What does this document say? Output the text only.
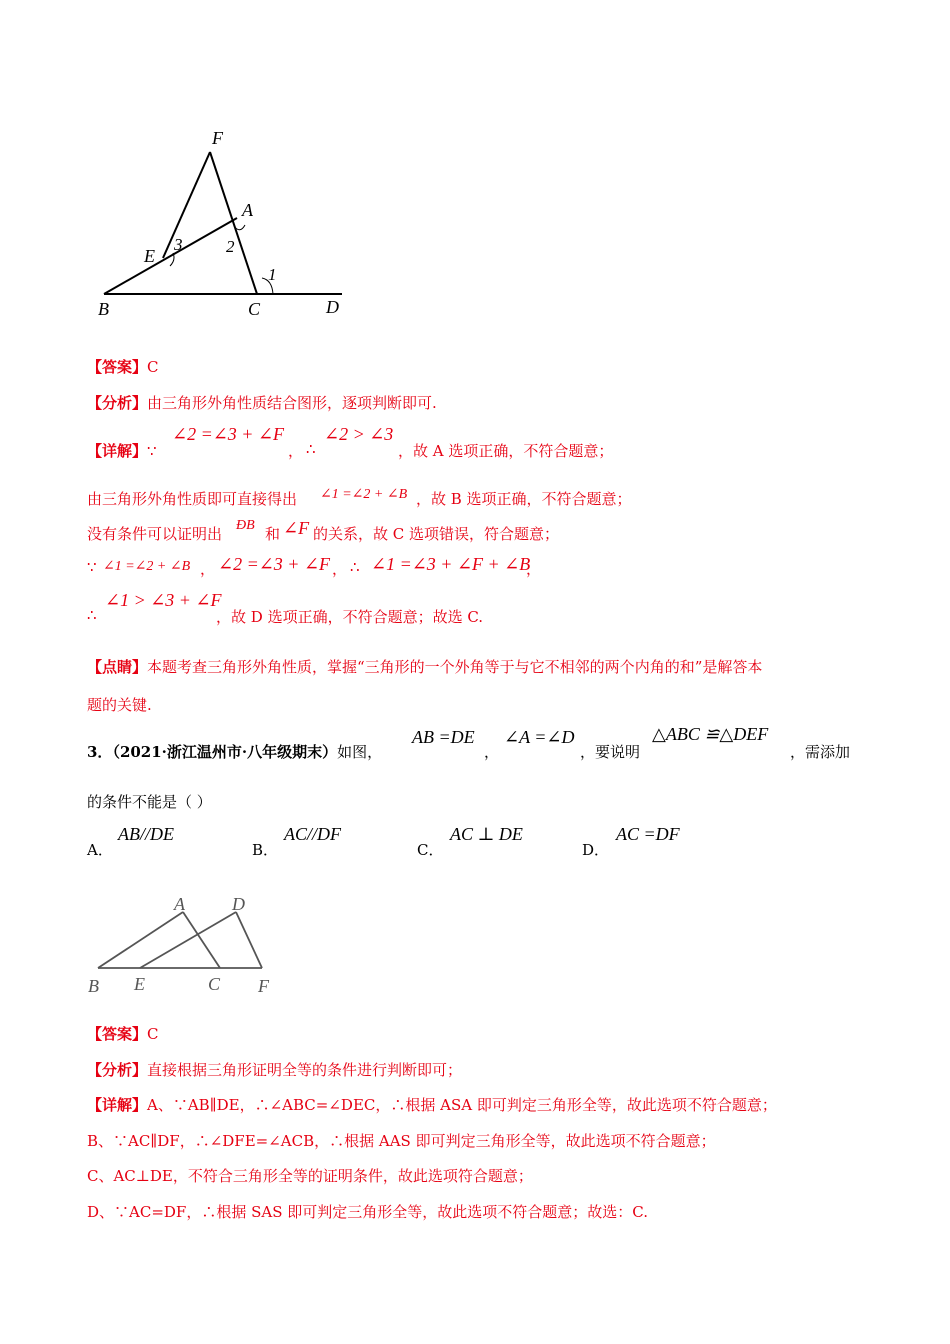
F
A
E
3	2
1
B	C	D
【答案】C
【分析】由三角形外角性质结合图形，逐项判断即可.
【详解】∵
∠2 =∠3 + ∠F
， ∴
∠2 > ∠3
，故 A 选项正确，不符合题意；
由三角形外角性质即可直接得出 ∠1 =∠2 + ∠B ，故 B 选项正确，不符合题意；
没有条件可以证明出 ÐB 和 ∠F 的关系，故 C 选项错误，符合题意；
∵ ∠1 =∠2 + ∠B ， ∠2 =∠3 + ∠F ， ∴ ∠1 =∠3 + ∠F + ∠B
，
∴
∠1 > ∠3 + ∠F
，故 D 选项正确，不符合题意；故选 C.
【点睛】本题考查三角形外角性质，掌握“三角形的一个外角等于与它不相邻的两个内角的和”是解答本
题的关键.
3．（2021·浙江温州市·八年级期末）如图，
AB =DE
，
∠A =∠D
，要说明
△ABC ≌△DEF
，需添加
的条件不能是（ ）
A．
AB//DE
B．
AC//DF
C．
AC ⊥ DE
D．
AC =DF
A	D
B E	C F
【答案】C
【分析】直接根据三角形证明全等的条件进行判断即可；
【详解】A、∵AB∥DE，∴∠ABC=∠DEC，∴根据 ASA 即可判定三角形全等，故此选项不符合题意；
B、∵AC∥DF，∴∠DFE=∠ACB，∴根据 AAS 即可判定三角形全等，故此选项不符合题意；
C、AC⊥DE，不符合三角形全等的证明条件，故此选项符合题意；
D、∵AC=DF，∴根据 SAS 即可判定三角形全等，故此选项不符合题意；故选：C.
